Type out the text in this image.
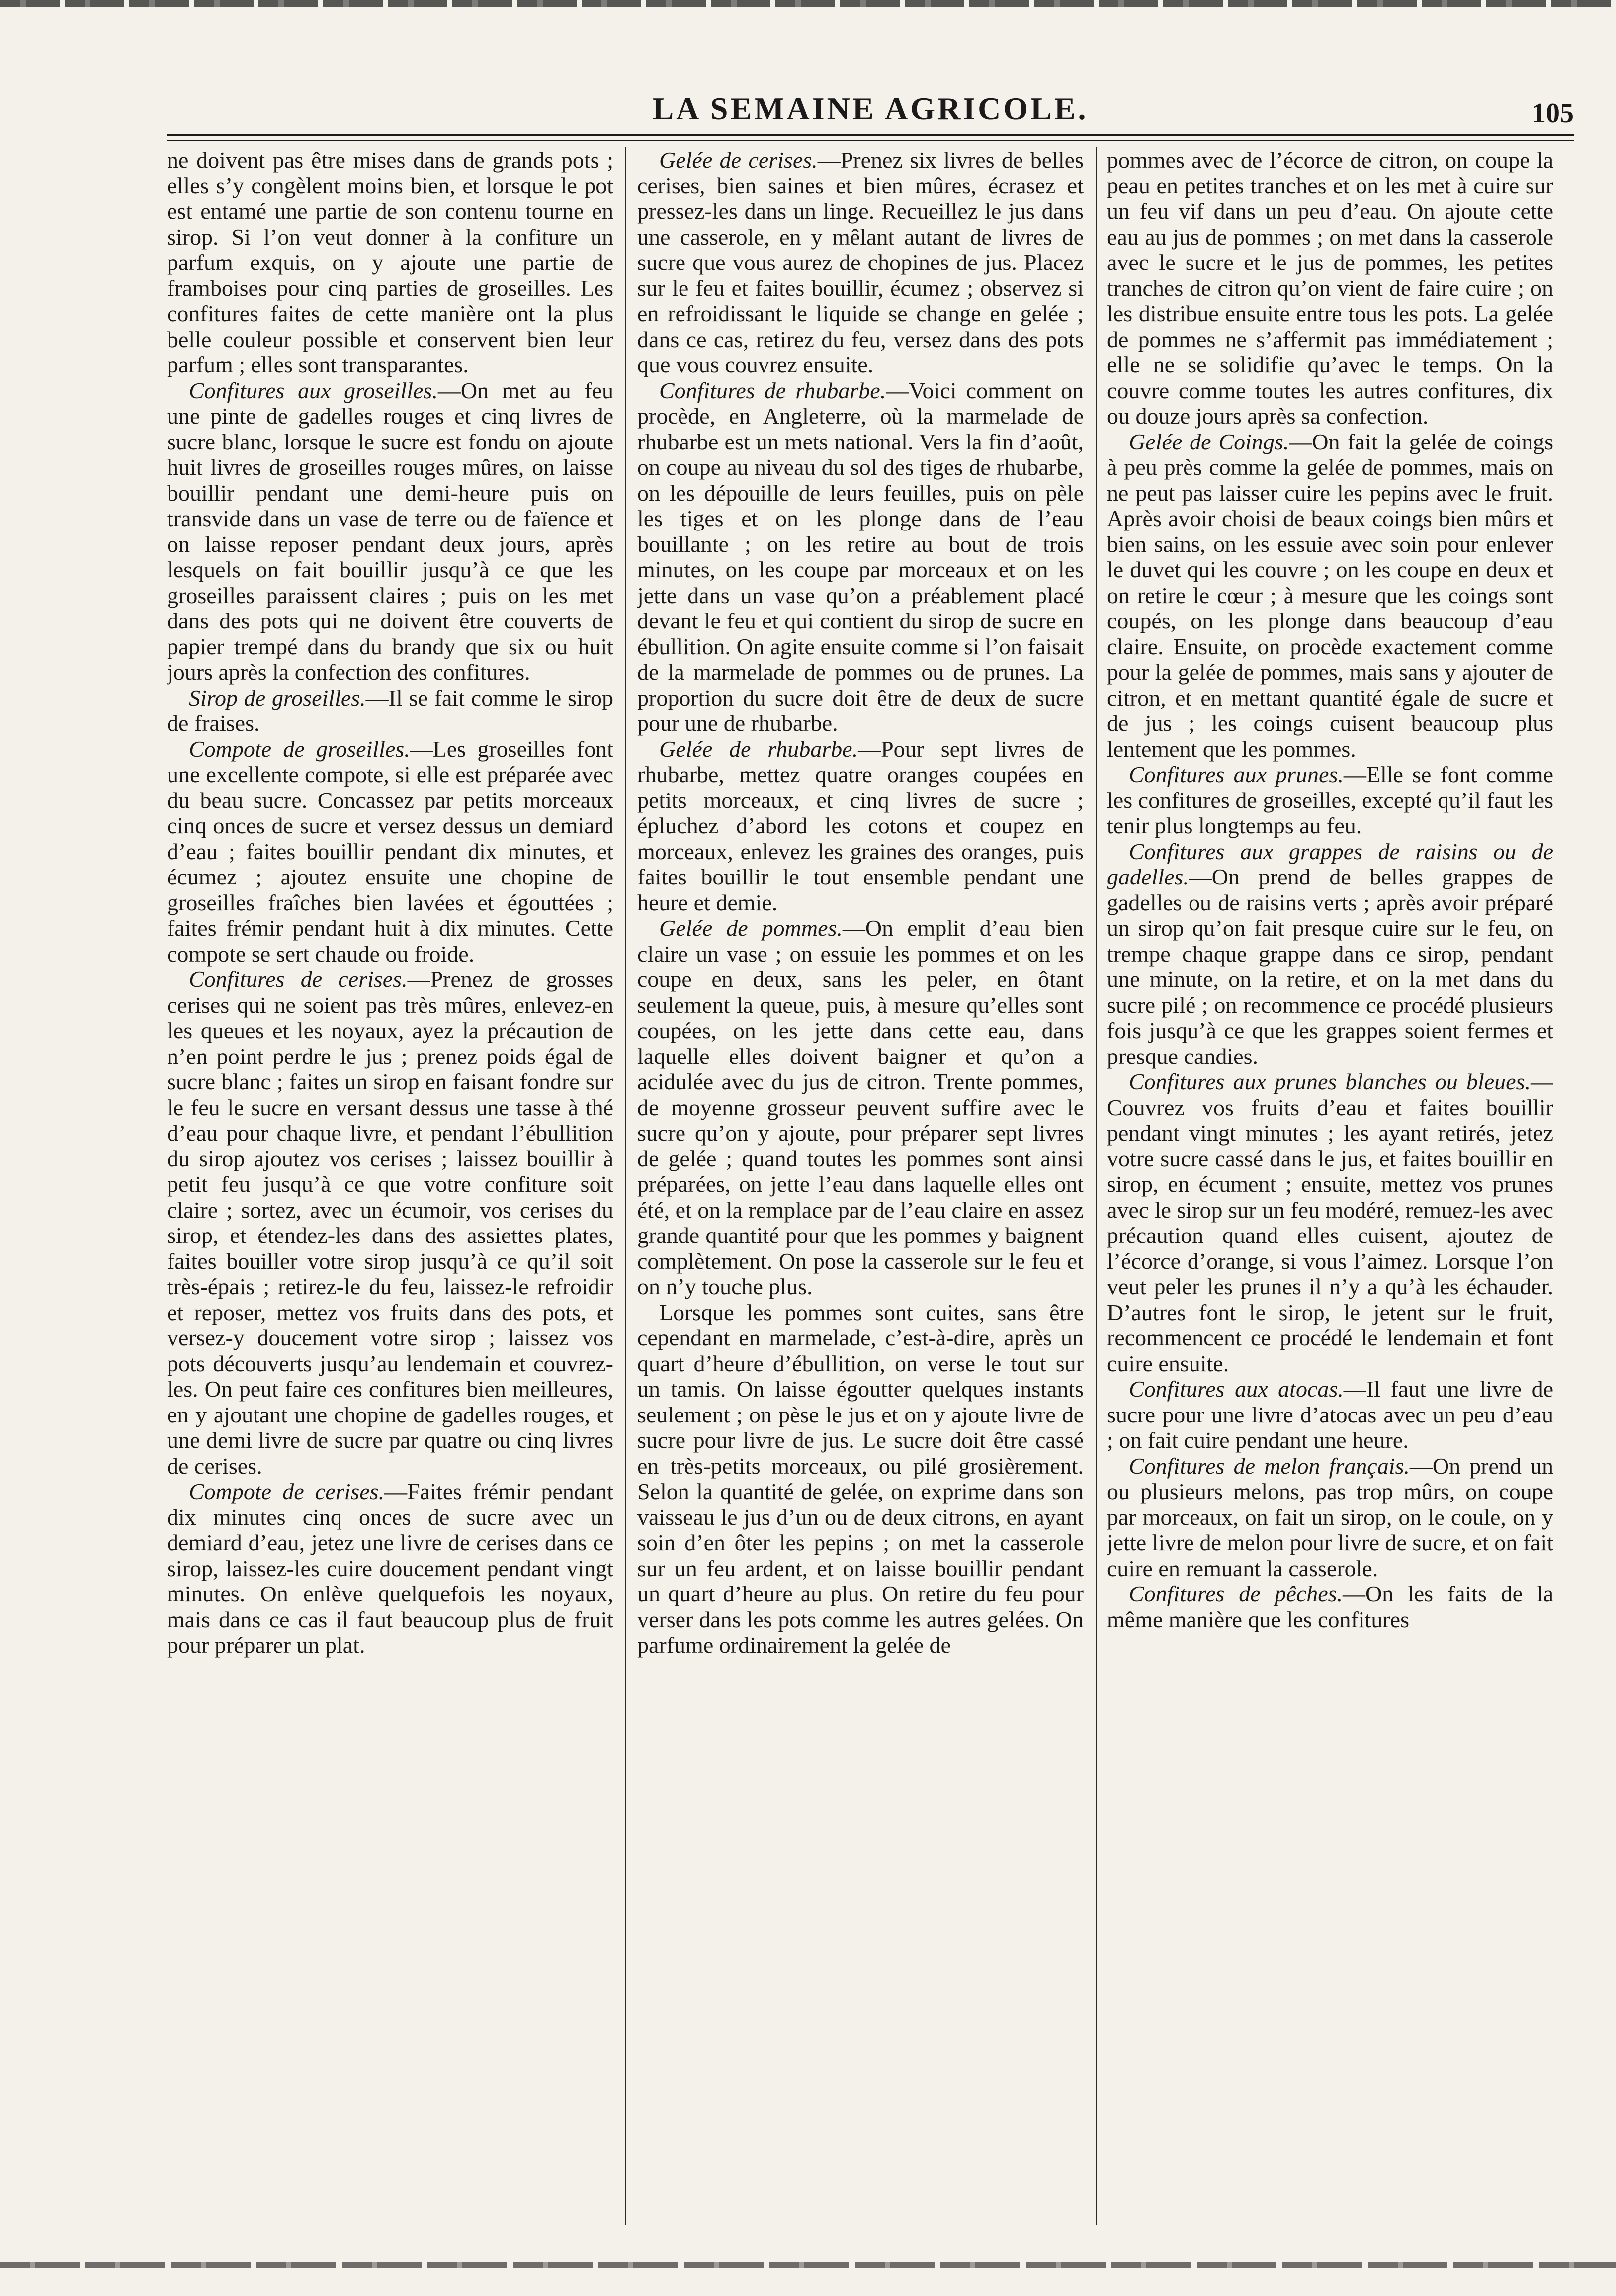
LA SEMAINE AGRICOLE.	105

ne doivent pas être mises dans de grands pots ; elles s’y congèlent moins bien, et lorsque le pot est entamé une partie de son contenu tourne en sirop. Si l’on veut donner à la confiture un parfum exquis, on y ajoute une partie de framboises pour cinq parties de groseilles. Les confitures faites de cette manière ont la plus belle couleur possible et conservent bien leur parfum ; elles sont transparantes.

Confitures aux groseilles.—On met au feu une pinte de gadelles rouges et cinq livres de sucre blanc, lorsque le sucre est fondu on ajoute huit livres de groseilles rouges mûres, on laisse bouillir pendant une demi-heure puis on transvide dans un vase de terre ou de faïence et on laisse reposer pendant deux jours, après lesquels on fait bouillir jusqu’à ce que les groseilles paraissent claires ; puis on les met dans des pots qui ne doivent être couverts de papier trempé dans du brandy que six ou huit jours après la confection des confitures.

Sirop de groseilles.—Il se fait comme le sirop de fraises.

Compote de groseilles.—Les groseilles font une excellente compote, si elle est préparée avec du beau sucre. Concassez par petits morceaux cinq onces de sucre et versez dessus un demiard d’eau ; faites bouillir pendant dix minutes, et écumez ; ajoutez ensuite une chopine de groseilles fraîches bien lavées et égouttées ; faites frémir pendant huit à dix minutes. Cette compote se sert chaude ou froide.

Confitures de cerises.—Prenez de grosses cerises qui ne soient pas très mûres, enlevez-en les queues et les noyaux, ayez la précaution de n’en point perdre le jus ; prenez poids égal de sucre blanc ; faites un sirop en faisant fondre sur le feu le sucre en versant dessus une tasse à thé d’eau pour chaque livre, et pendant l’ébullition du sirop ajoutez vos cerises ; laissez bouillir à petit feu jusqu’à ce que votre confiture soit claire ; sortez, avec un écumoir, vos cerises du sirop, et étendez-les dans des assiettes plates, faites bouiller votre sirop jusqu’à ce qu’il soit très-épais ; retirez-le du feu, laissez-le refroidir et reposer, mettez vos fruits dans des pots, et versez-y doucement votre sirop ; laissez vos pots découverts jusqu’au lendemain et couvrez-les. On peut faire ces confitures bien meilleures, en y ajoutant une chopine de gadelles rouges, et une demi livre de sucre par quatre ou cinq livres de cerises.

Compote de cerises.—Faites frémir pendant dix minutes cinq onces de sucre avec un demiard d’eau, jetez une livre de cerises dans ce sirop, laissez-les cuire doucement pendant vingt minutes. On enlève quelquefois les noyaux, mais dans ce cas il faut beaucoup plus de fruit pour préparer un plat.

Gelée de cerises.—Prenez six livres de belles cerises, bien saines et bien mûres, écrasez et pressez-les dans un linge. Recueillez le jus dans une casserole, en y mêlant autant de livres de sucre que vous aurez de chopines de jus. Placez sur le feu et faites bouillir, écumez ; observez si en refroidissant le liquide se change en gelée ; dans ce cas, retirez du feu, versez dans des pots que vous couvrez ensuite.

Confitures de rhubarbe.—Voici comment on procède, en Angleterre, où la marmelade de rhubarbe est un mets national. Vers la fin d’août, on coupe au niveau du sol des tiges de rhubarbe, on les dépouille de leurs feuilles, puis on pèle les tiges et on les plonge dans de l’eau bouillante ; on les retire au bout de trois minutes, on les coupe par morceaux et on les jette dans un vase qu’on a préablement placé devant le feu et qui contient du sirop de sucre en ébullition. On agite ensuite comme si l’on faisait de la marmelade de pommes ou de prunes. La proportion du sucre doit être de deux de sucre pour une de rhubarbe.

Gelée de rhubarbe.—Pour sept livres de rhubarbe, mettez quatre oranges coupées en petits morceaux, et cinq livres de sucre ; épluchez d’abord les cotons et coupez en morceaux, enlevez les graines des oranges, puis faites bouillir le tout ensemble pendant une heure et demie.

Gelée de pommes.—On emplit d’eau bien claire un vase ; on essuie les pommes et on les coupe en deux, sans les peler, en ôtant seulement la queue, puis, à mesure qu’elles sont coupées, on les jette dans cette eau, dans laquelle elles doivent baigner et qu’on a acidulée avec du jus de citron. Trente pommes, de moyenne grosseur peuvent suffire avec le sucre qu’on y ajoute, pour préparer sept livres de gelée ; quand toutes les pommes sont ainsi préparées, on jette l’eau dans laquelle elles ont été, et on la remplace par de l’eau claire en assez grande quantité pour que les pommes y baignent complètement. On pose la casserole sur le feu et on n’y touche plus.

Lorsque les pommes sont cuites, sans être cependant en marmelade, c’est-à-dire, après un quart d’heure d’ébullition, on verse le tout sur un tamis. On laisse égoutter quelques instants seulement ; on pèse le jus et on y ajoute livre de sucre pour livre de jus. Le sucre doit être cassé en très-petits morceaux, ou pilé grosièrement. Selon la quantité de gelée, on exprime dans son vaisseau le jus d’un ou de deux citrons, en ayant soin d’en ôter les pepins ; on met la casserole sur un feu ardent, et on laisse bouillir pendant un quart d’heure au plus. On retire du feu pour verser dans les pots comme les autres gelées. On parfume ordinairement la gelée de

pommes avec de l’écorce de citron, on coupe la peau en petites tranches et on les met à cuire sur un feu vif dans un peu d’eau. On ajoute cette eau au jus de pommes ; on met dans la casserole avec le sucre et le jus de pommes, les petites tranches de citron qu’on vient de faire cuire ; on les distribue ensuite entre tous les pots. La gelée de pommes ne s’affermit pas immédiatement ; elle ne se solidifie qu’avec le temps. On la couvre comme toutes les autres confitures, dix ou douze jours après sa confection.

Gelée de Coings.—On fait la gelée de coings à peu près comme la gelée de pommes, mais on ne peut pas laisser cuire les pepins avec le fruit. Après avoir choisi de beaux coings bien mûrs et bien sains, on les essuie avec soin pour enlever le duvet qui les couvre ; on les coupe en deux et on retire le cœur ; à mesure que les coings sont coupés, on les plonge dans beaucoup d’eau claire. Ensuite, on procède exactement comme pour la gelée de pommes, mais sans y ajouter de citron, et en mettant quantité égale de sucre et de jus ; les coings cuisent beaucoup plus lentement que les pommes.

Confitures aux prunes.—Elle se font comme les confitures de groseilles, excepté qu’il faut les tenir plus longtemps au feu.

Confitures aux grappes de raisins ou de gadelles.—On prend de belles grappes de gadelles ou de raisins verts ; après avoir préparé un sirop qu’on fait presque cuire sur le feu, on trempe chaque grappe dans ce sirop, pendant une minute, on la retire, et on la met dans du sucre pilé ; on recommence ce procédé plusieurs fois jusqu’à ce que les grappes soient fermes et presque candies.

Confitures aux prunes blanches ou bleues.—Couvrez vos fruits d’eau et faites bouillir pendant vingt minutes ; les ayant retirés, jetez votre sucre cassé dans le jus, et faites bouillir en sirop, en écument ; ensuite, mettez vos prunes avec le sirop sur un feu modéré, remuez-les avec précaution quand elles cuisent, ajoutez de l’écorce d’orange, si vous l’aimez. Lorsque l’on veut peler les prunes il n’y a qu’à les échauder. D’autres font le sirop, le jetent sur le fruit, recommencent ce procédé le lendemain et font cuire ensuite.

Confitures aux atocas.—Il faut une livre de sucre pour une livre d’atocas avec un peu d’eau ; on fait cuire pendant une heure.

Confitures de melon français.—On prend un ou plusieurs melons, pas trop mûrs, on coupe par morceaux, on fait un sirop, on le coule, on y jette livre de melon pour livre de sucre, et on fait cuire en remuant la casserole.

Confitures de pêches.—On les faits de la même manière que les confitures
